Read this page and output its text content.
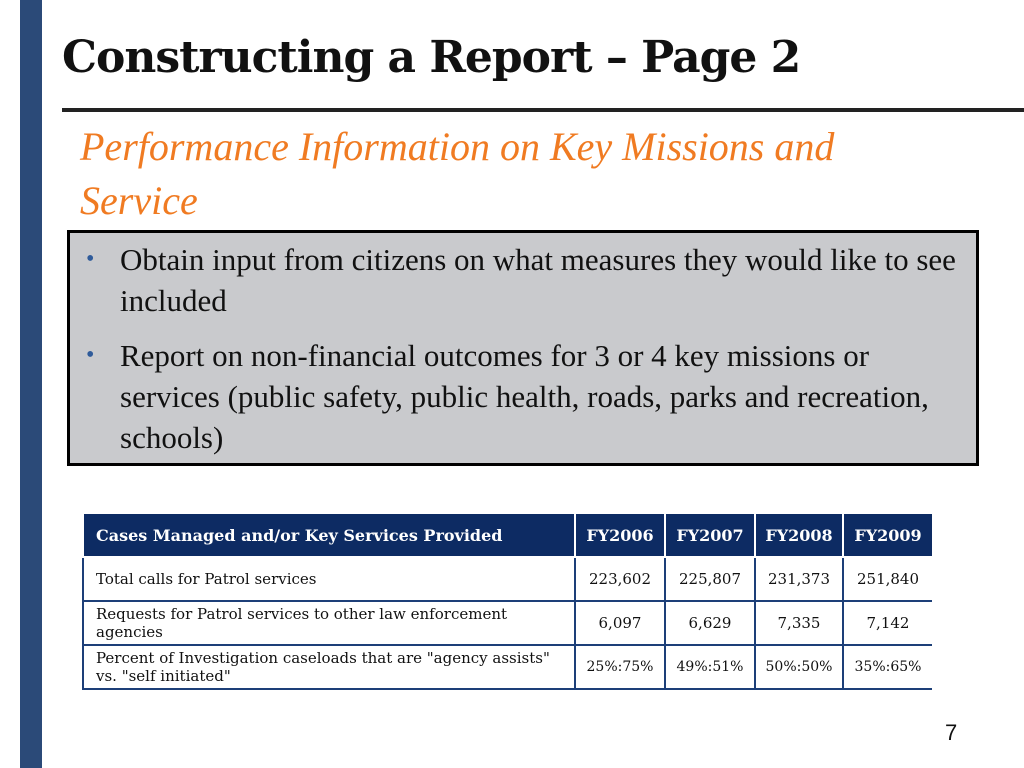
Constructing a Report – Page 2
Performance Information on Key Missions and Service
• Obtain input from citizens on what measures they would like to see included
• Report on non-financial outcomes for 3 or 4 key missions or services (public safety, public health, roads, parks and recreation, schools)
Cases Managed and/or Key Services Provided	FY2006	FY2007	FY2008	FY2009
Total calls for Patrol services	223,602	225,807	231,373	251,840
Requests for Patrol services to other law enforcement agencies	6,097	6,629	7,335	7,142
Percent of Investigation caseloads that are "agency assists" vs. "self initiated"	25%:75%	49%:51%	50%:50%	35%:65%
7
